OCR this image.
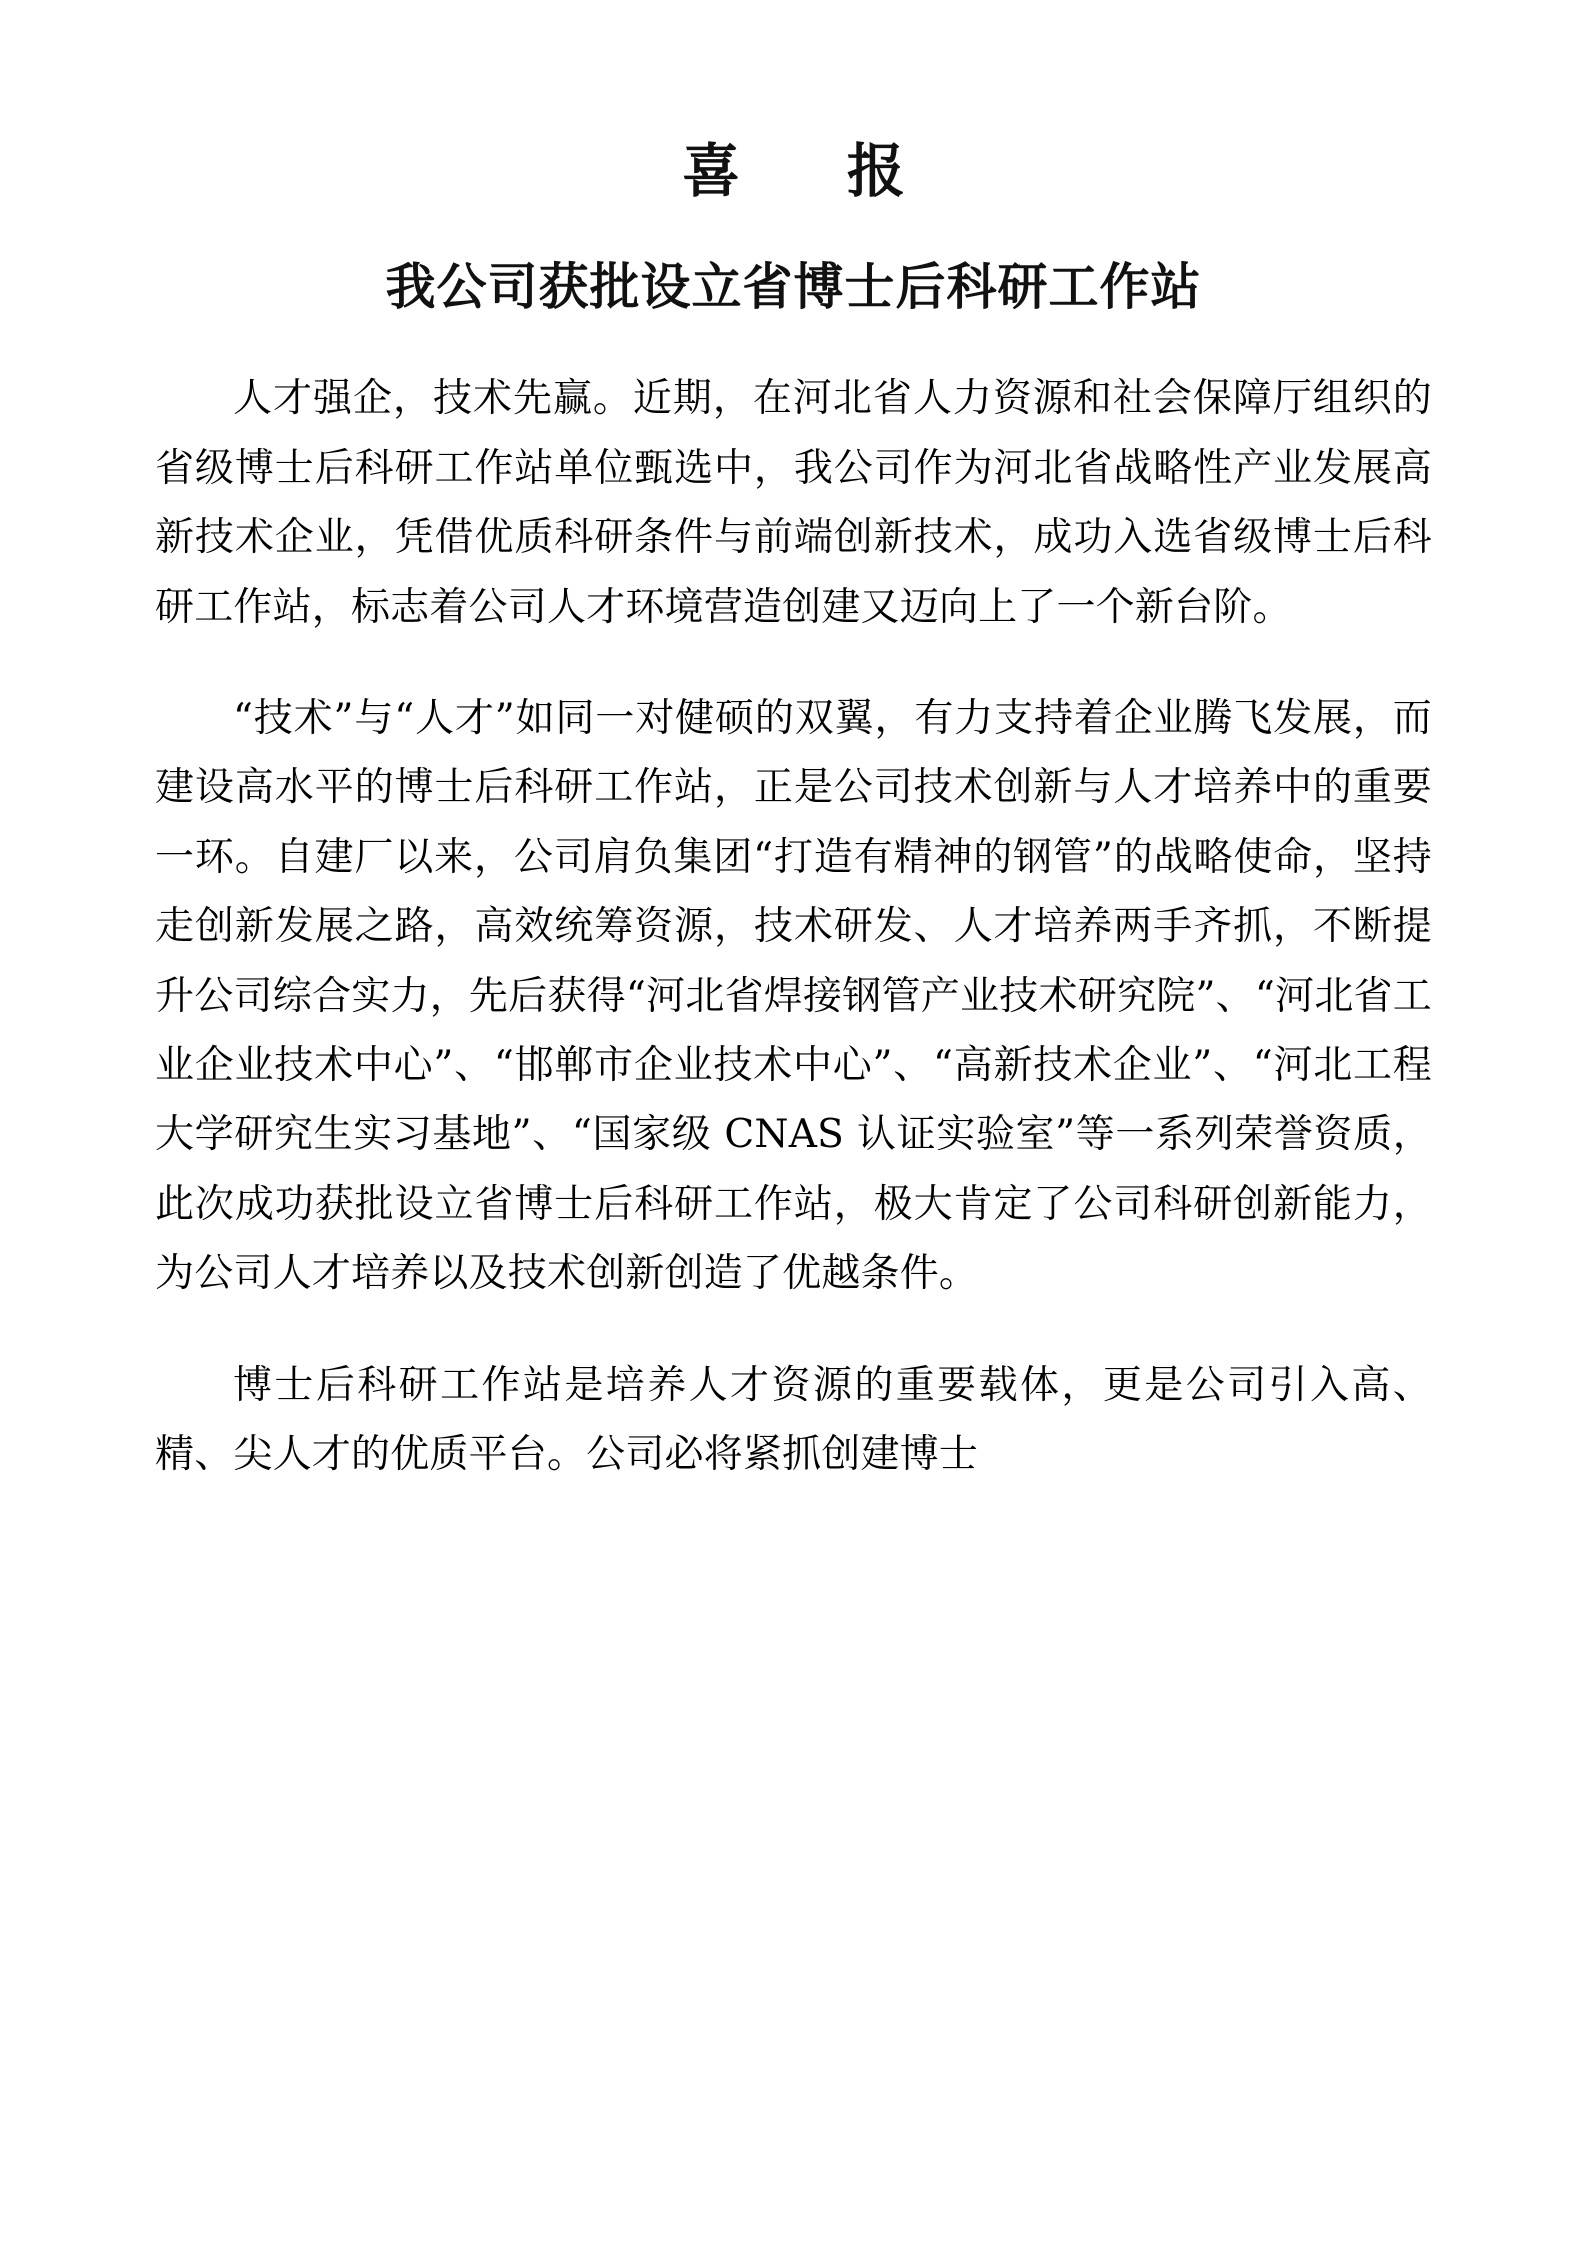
喜　报
我公司获批设立省博士后科研工作站

人才强企，技术先赢。近期，在河北省人力资源和社会保障厅组织的省级博士后科研工作站单位甄选中，我公司作为河北省战略性产业发展高新技术企业，凭借优质科研条件与前端创新技术，成功入选省级博士后科研工作站，标志着公司人才环境营造创建又迈向上了一个新台阶。

“技术”与“人才”如同一对健硕的双翼，有力支持着企业腾飞发展，而建设高水平的博士后科研工作站，正是公司技术创新与人才培养中的重要一环。自建厂以来，公司肩负集团“打造有精神的钢管”的战略使命，坚持走创新发展之路，高效统筹资源，技术研发、人才培养两手齐抓，不断提升公司综合实力，先后获得“河北省焊接钢管产业技术研究院”、“河北省工业企业技术中心”、“邯郸市企业技术中心”、“高新技术企业”、“河北工程大学研究生实习基地”、“国家级 CNAS 认证实验室”等一系列荣誉资质，此次成功获批设立省博士后科研工作站，极大肯定了公司科研创新能力，为公司人才培养以及技术创新创造了优越条件。

博士后科研工作站是培养人才资源的重要载体，更是公司引入高、精、尖人才的优质平台。公司必将紧抓创建博士
